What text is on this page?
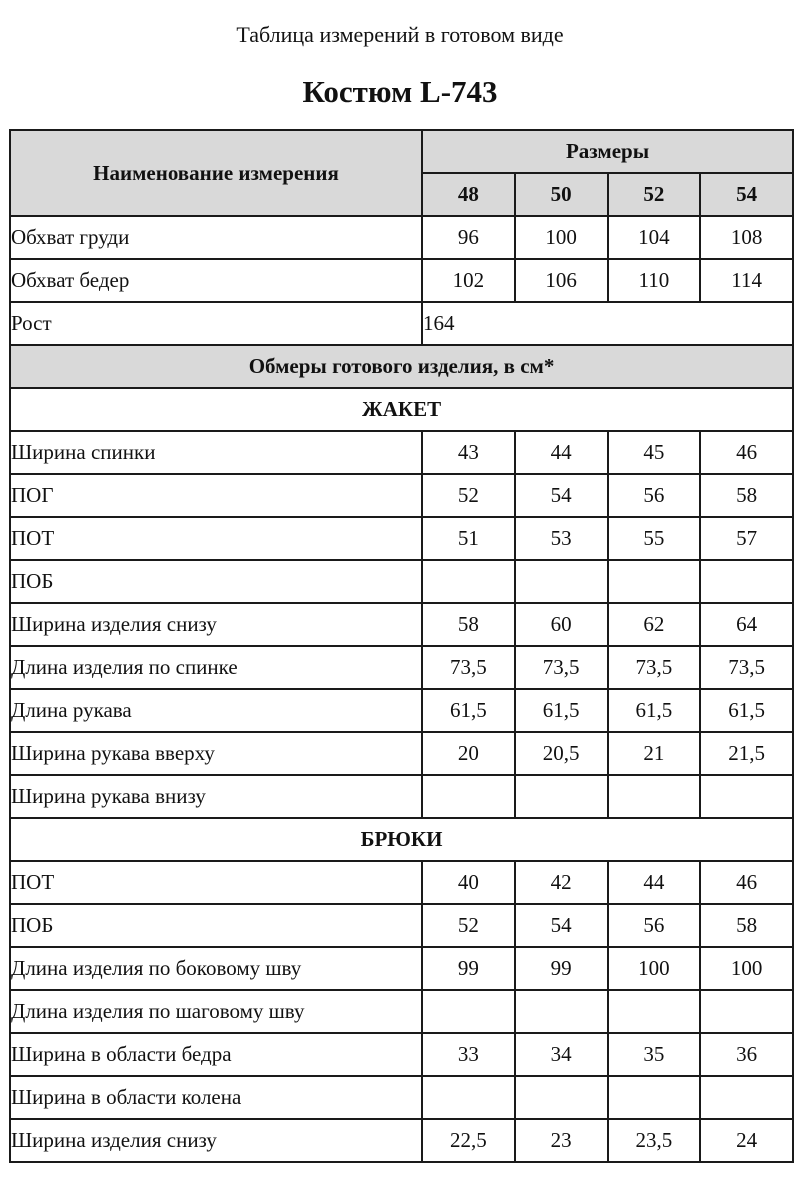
Таблица измерений в готовом виде
Костюм L-743
Наименование измерения	Размеры			
	48	50	52	54
Обхват груди	96	100	104	108
Обхват бедер	102	106	110	114
Рост	164			
Обмеры готового изделия, в см*				
ЖАКЕТ				
Ширина спинки	43	44	45	46
ПОГ	52	54	56	58
ПОТ	51	53	55	57
ПОБ				
Ширина изделия снизу	58	60	62	64
Длина изделия по спинке	73,5	73,5	73,5	73,5
Длина рукава	61,5	61,5	61,5	61,5
Ширина рукава вверху	20	20,5	21	21,5
Ширина рукава внизу				
БРЮКИ				
ПОТ	40	42	44	46
ПОБ	52	54	56	58
Длина изделия по боковому шву	99	99	100	100
Длина изделия по шаговому шву				
Ширина в области бедра	33	34	35	36
Ширина в области колена				
Ширина изделия снизу	22,5	23	23,5	24
